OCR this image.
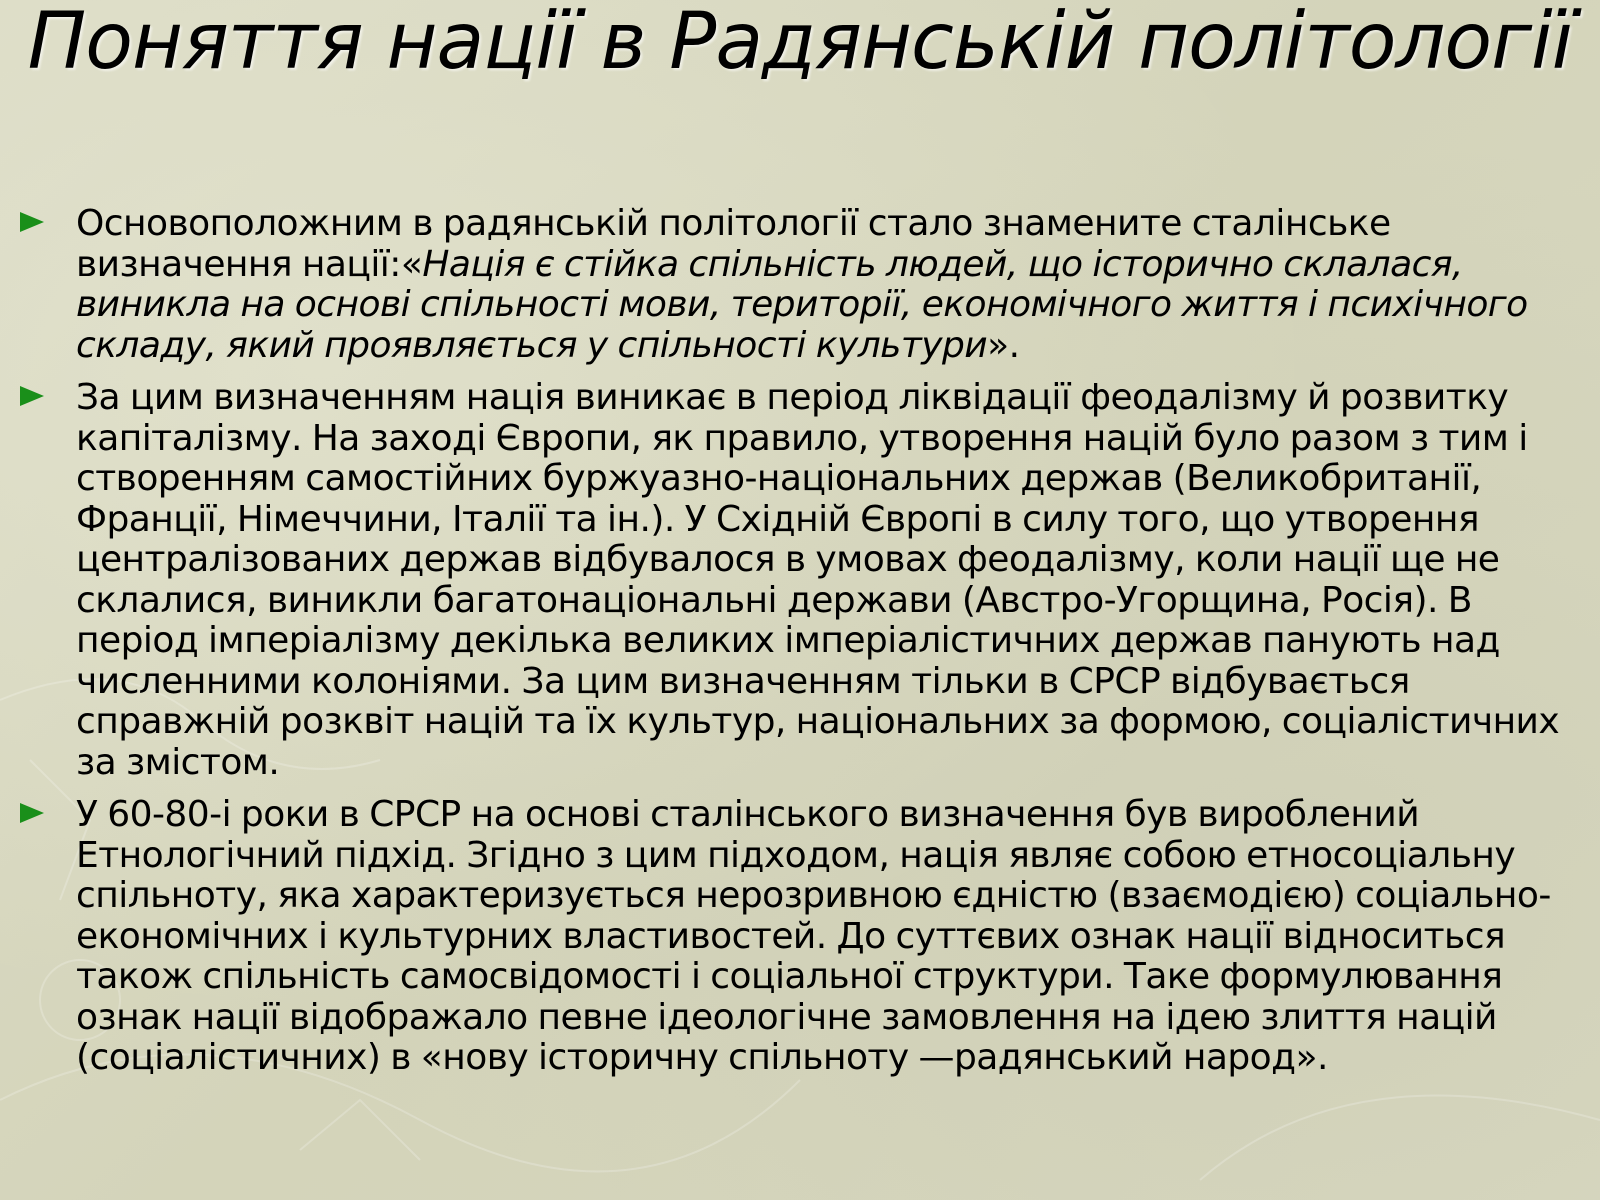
Поняття нації в Радянській політології
Основоположним в радянській політології стало знамените сталінське визначення нації:«Нація є стійка спільність людей, що історично склалася, виникла на основі спільності мови, території, економічного життя і психічного складу, який проявляється у спільності культури».
За цим визначенням нація виникає в період ліквідації феодалізму й розвитку капіталізму. На заході Європи, як правило, утворення націй було разом з тим і створенням самостійних буржуазно-національних держав (Великобританії, Франції, Німеччини, Італії та ін.). У Східній Європі в силу того, що утворення централізованих держав відбувалося в умовах феодалізму, коли нації ще не склалися, виникли багатонаціональні держави (Австро-Угорщина, Росія). В період імперіалізму декілька великих імперіалістичних держав панують над численними колоніями. За цим визначенням тільки в СРСР відбувається справжній розквіт націй та їх культур, національних за формою, соціалістичних за змістом.
У 60-80-і роки в СРСР на основі сталінського визначення був вироблений Етнологічний підхід. Згідно з цим підходом, нація являє собою етносоціальну спільноту, яка характеризується нерозривною єдністю (взаємодією) соціально-економічних і культурних властивостей. До суттєвих ознак нації відноситься також спільність самосвідомості і соціальної структури. Таке формулювання ознак нації відображало певне ідеологічне замовлення на ідею злиття націй (соціалістичних) в «нову історичну спільноту —радянський народ».
